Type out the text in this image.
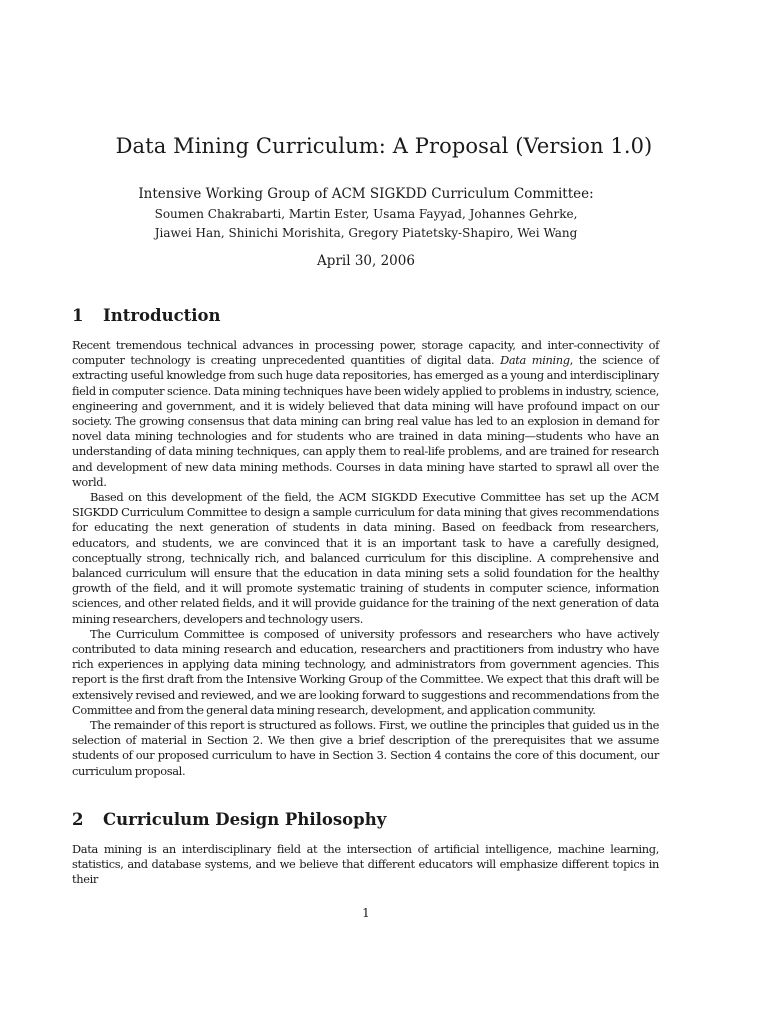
Data Mining Curriculum: A Proposal (Version 1.0)
Intensive Working Group of ACM SIGKDD Curriculum Committee:
Soumen Chakrabarti, Martin Ester, Usama Fayyad, Johannes Gehrke,
Jiawei Han, Shinichi Morishita, Gregory Piatetsky-Shapiro, Wei Wang
April 30, 2006
1 Introduction

Recent tremendous technical advances in processing power, storage capacity, and inter-connectivity of computer technology is creating unprecedented quantities of digital data. Data mining, the science of extracting useful knowledge from such huge data repositories, has emerged as a young and interdisciplinary field in computer science. Data mining techniques have been widely applied to problems in industry, science, engineering and government, and it is widely believed that data mining will have profound impact on our society. The growing consensus that data mining can bring real value has led to an explosion in demand for novel data mining technologies and for students who are trained in data mining—students who have an understanding of data mining techniques, can apply them to real-life problems, and are trained for research and development of new data mining methods. Courses in data mining have started to sprawl all over the world.

Based on this development of the field, the ACM SIGKDD Executive Committee has set up the ACM SIGKDD Curriculum Committee to design a sample curriculum for data mining that gives recommendations for educating the next generation of students in data mining. Based on feedback from researchers, educators, and students, we are convinced that it is an important task to have a carefully designed, conceptually strong, technically rich, and balanced curriculum for this discipline. A comprehensive and balanced curriculum will ensure that the education in data mining sets a solid foundation for the healthy growth of the field, and it will promote systematic training of students in computer science, information sciences, and other related fields, and it will provide guidance for the training of the next generation of data mining researchers, developers and technology users.

The Curriculum Committee is composed of university professors and researchers who have actively contributed to data mining research and education, researchers and practitioners from industry who have rich experiences in applying data mining technology, and administrators from government agencies. This report is the first draft from the Intensive Working Group of the Committee. We expect that this draft will be extensively revised and reviewed, and we are looking forward to suggestions and recommendations from the Committee and from the general data mining research, development, and application community.

The remainder of this report is structured as follows. First, we outline the principles that guided us in the selection of material in Section 2. We then give a brief description of the prerequisites that we assume students of our proposed curriculum to have in Section 3. Section 4 contains the core of this document, our curriculum proposal.

2 Curriculum Design Philosophy

Data mining is an interdisciplinary field at the intersection of artificial intelligence, machine learning, statistics, and database systems, and we believe that different educators will emphasize different topics in their

1
